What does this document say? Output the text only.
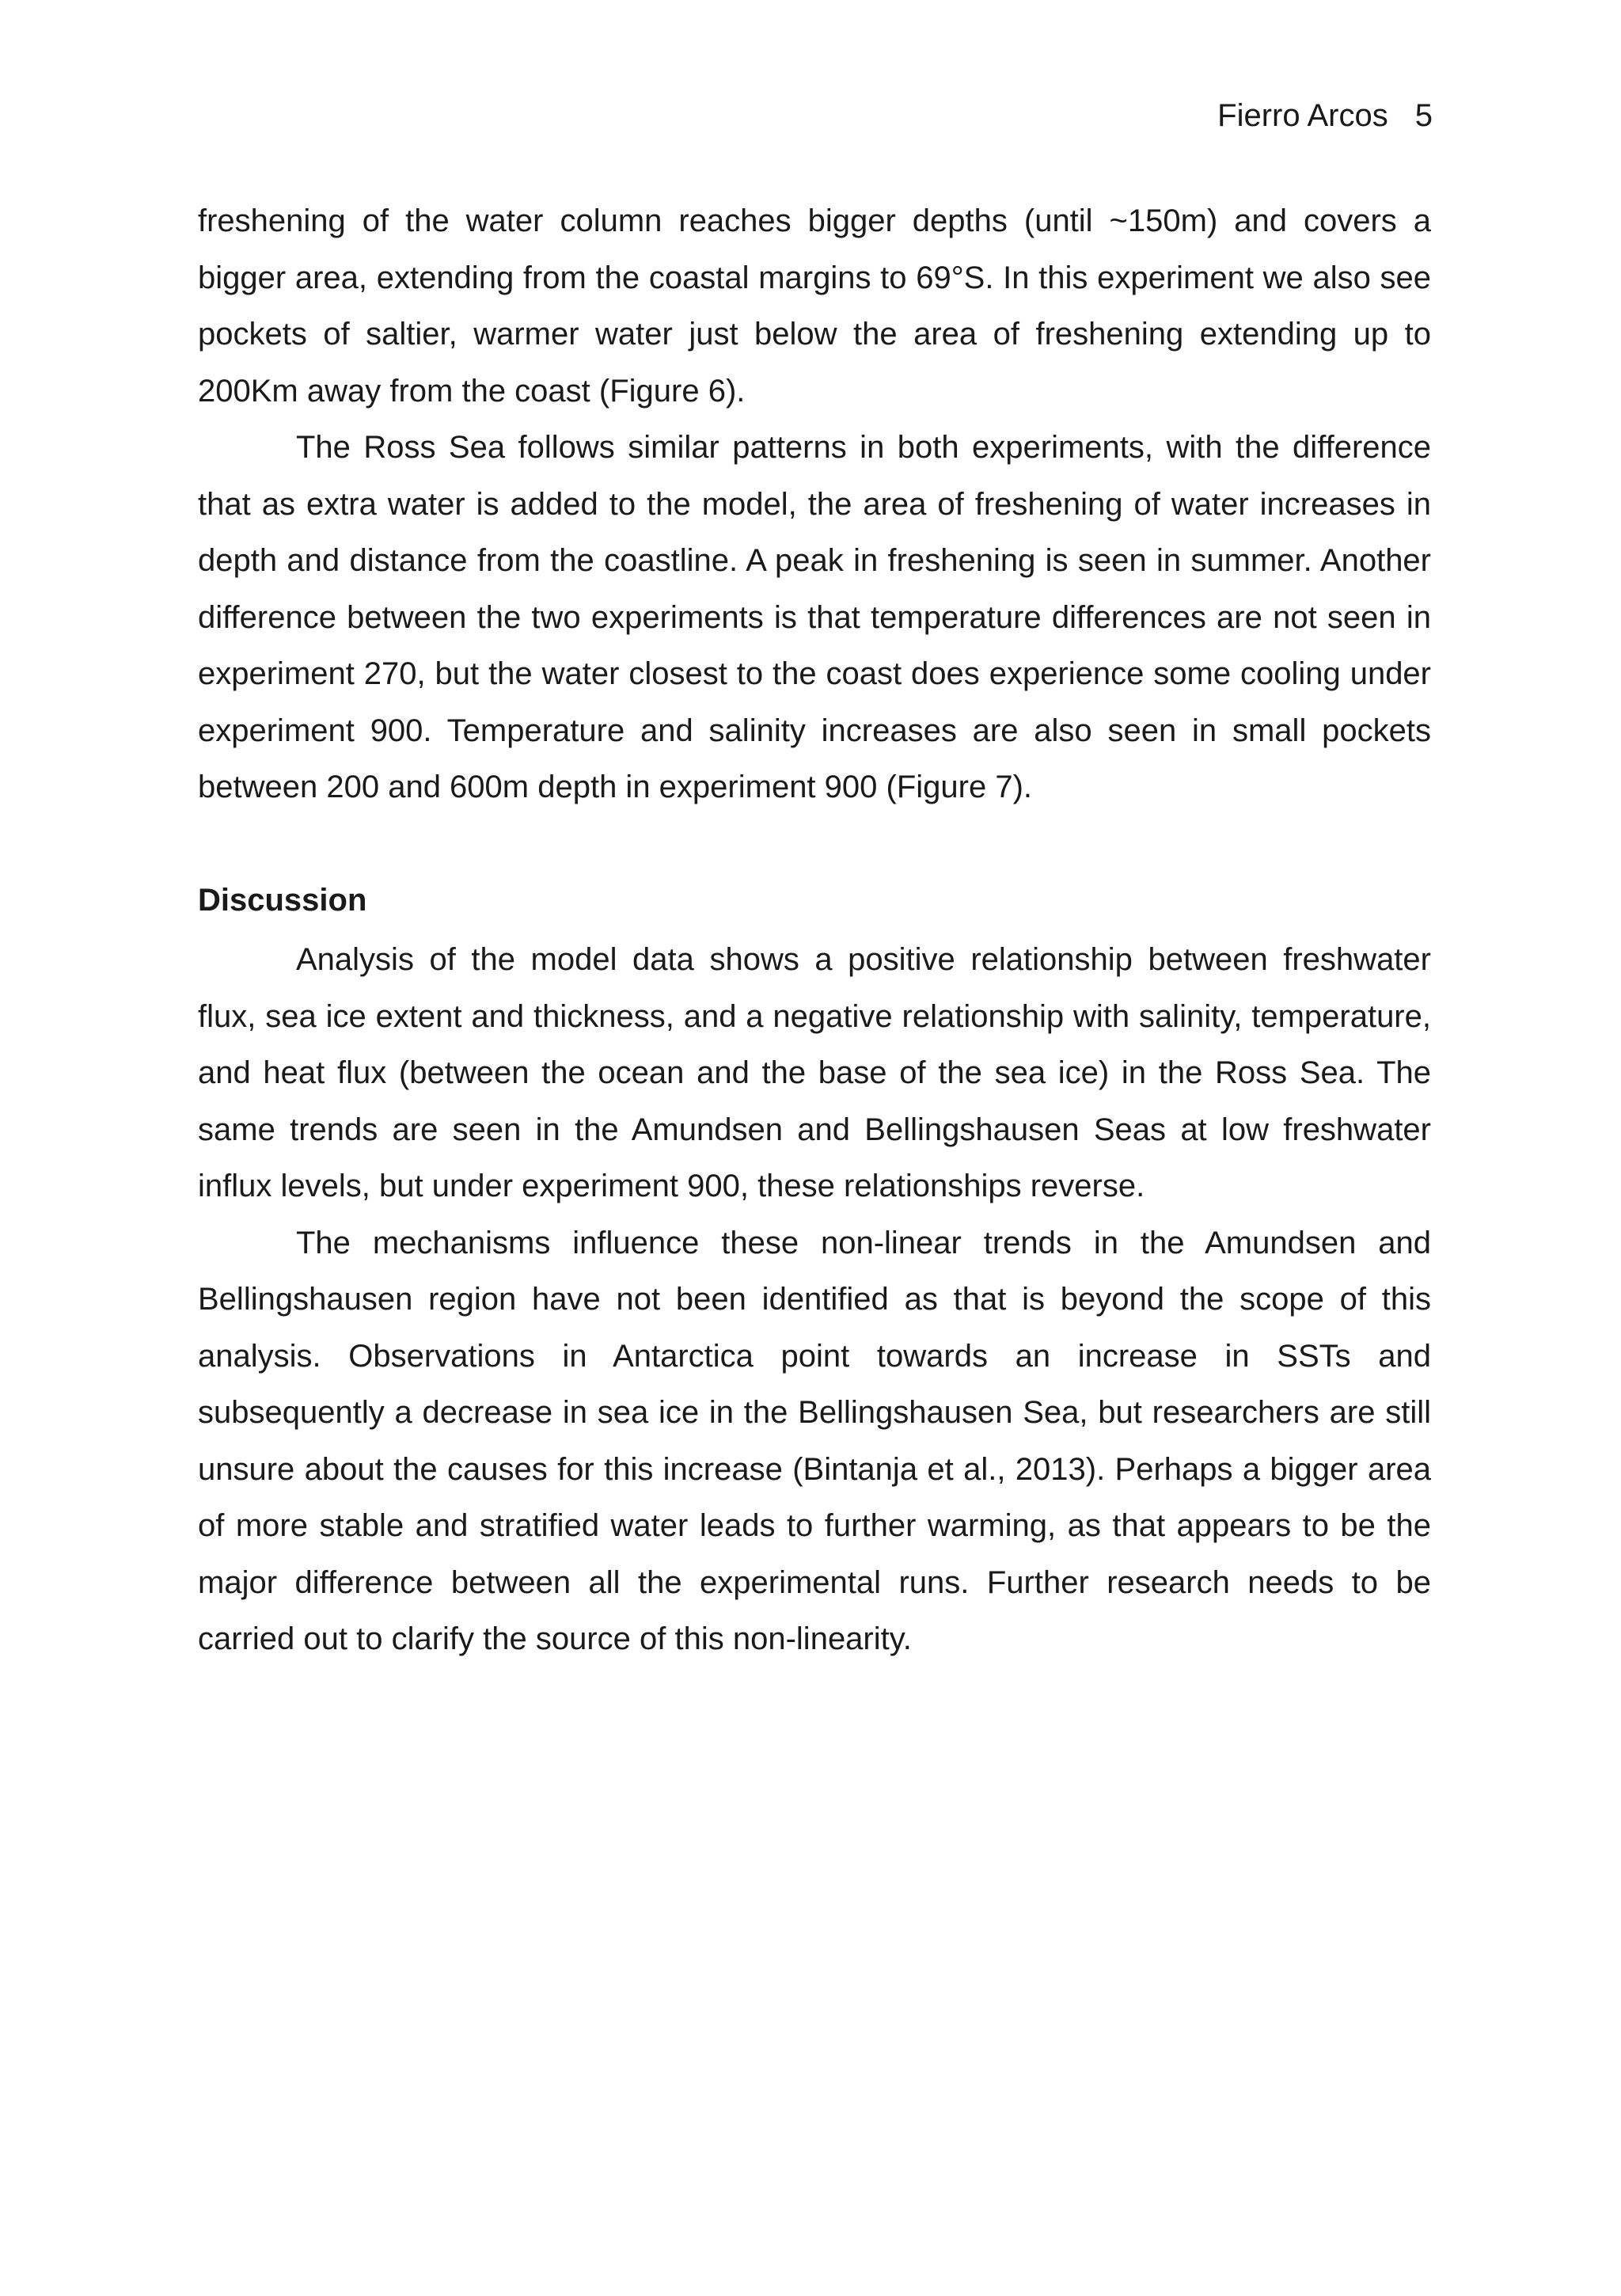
Fierro Arcos 5

freshening of the water column reaches bigger depths (until ~150m) and covers a bigger area, extending from the coastal margins to 69°S. In this experiment we also see pockets of saltier, warmer water just below the area of freshening extending up to 200Km away from the coast (Figure 6).

The Ross Sea follows similar patterns in both experiments, with the difference that as extra water is added to the model, the area of freshening of water increases in depth and distance from the coastline. A peak in freshening is seen in summer. Another difference between the two experiments is that temperature differences are not seen in experiment 270, but the water closest to the coast does experience some cooling under experiment 900. Temperature and salinity increases are also seen in small pockets between 200 and 600m depth in experiment 900 (Figure 7).

Discussion

Analysis of the model data shows a positive relationship between freshwater flux, sea ice extent and thickness, and a negative relationship with salinity, temperature, and heat flux (between the ocean and the base of the sea ice) in the Ross Sea. The same trends are seen in the Amundsen and Bellingshausen Seas at low freshwater influx levels, but under experiment 900, these relationships reverse.

The mechanisms influence these non-linear trends in the Amundsen and Bellingshausen region have not been identified as that is beyond the scope of this analysis. Observations in Antarctica point towards an increase in SSTs and subsequently a decrease in sea ice in the Bellingshausen Sea, but researchers are still unsure about the causes for this increase (Bintanja et al., 2013). Perhaps a bigger area of more stable and stratified water leads to further warming, as that appears to be the major difference between all the experimental runs. Further research needs to be carried out to clarify the source of this non-linearity.
